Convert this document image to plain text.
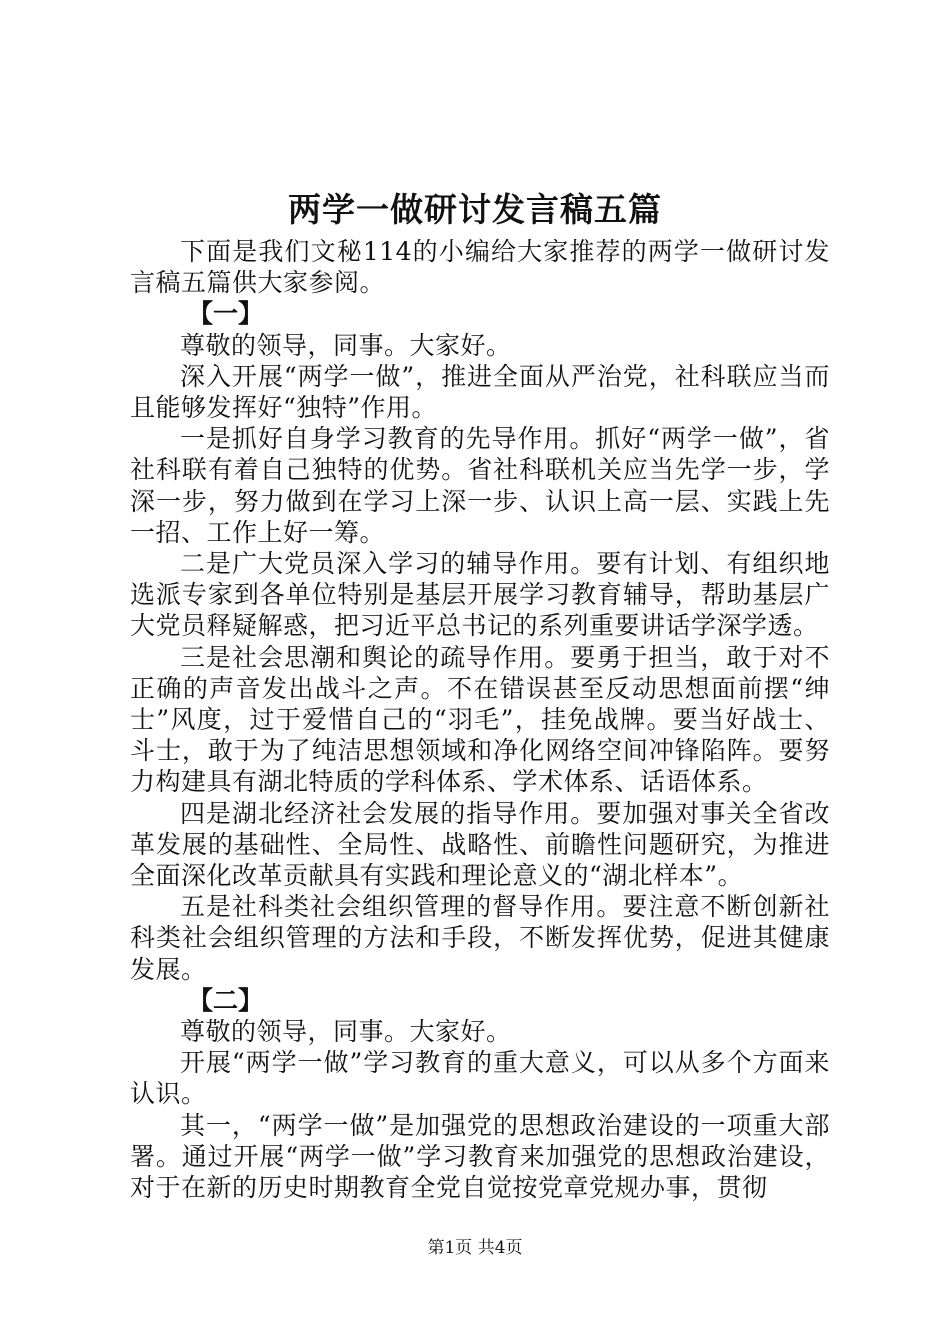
两学一做研讨发言稿五篇

下面是我们文秘114的小编给大家推荐的两学一做研讨发言稿五篇供大家参阅。

【一】

尊敬的领导，同事。大家好。

深入开展“两学一做”，推进全面从严治党，社科联应当而且能够发挥好“独特”作用。

一是抓好自身学习教育的先导作用。抓好“两学一做”，省社科联有着自己独特的优势。省社科联机关应当先学一步，学深一步，努力做到在学习上深一步、认识上高一层、实践上先一招、工作上好一筹。

二是广大党员深入学习的辅导作用。要有计划、有组织地选派专家到各单位特别是基层开展学习教育辅导，帮助基层广大党员释疑解惑，把习近平总书记的系列重要讲话学深学透。

三是社会思潮和舆论的疏导作用。要勇于担当，敢于对不正确的声音发出战斗之声。不在错误甚至反动思想面前摆“绅士”风度，过于爱惜自己的“羽毛”，挂免战牌。要当好战士、斗士，敢于为了纯洁思想领域和净化网络空间冲锋陷阵。要努力构建具有湖北特质的学科体系、学术体系、话语体系。

四是湖北经济社会发展的指导作用。要加强对事关全省改革发展的基础性、全局性、战略性、前瞻性问题研究，为推进全面深化改革贡献具有实践和理论意义的“湖北样本”。

五是社科类社会组织管理的督导作用。要注意不断创新社科类社会组织管理的方法和手段，不断发挥优势，促进其健康发展。

【二】

尊敬的领导，同事。大家好。

开展“两学一做”学习教育的重大意义，可以从多个方面来认识。

其一，“两学一做”是加强党的思想政治建设的一项重大部署。通过开展“两学一做”学习教育来加强党的思想政治建设，对于在新的历史时期教育全党自觉按党章党规办事，贯彻

第1页 共4页
